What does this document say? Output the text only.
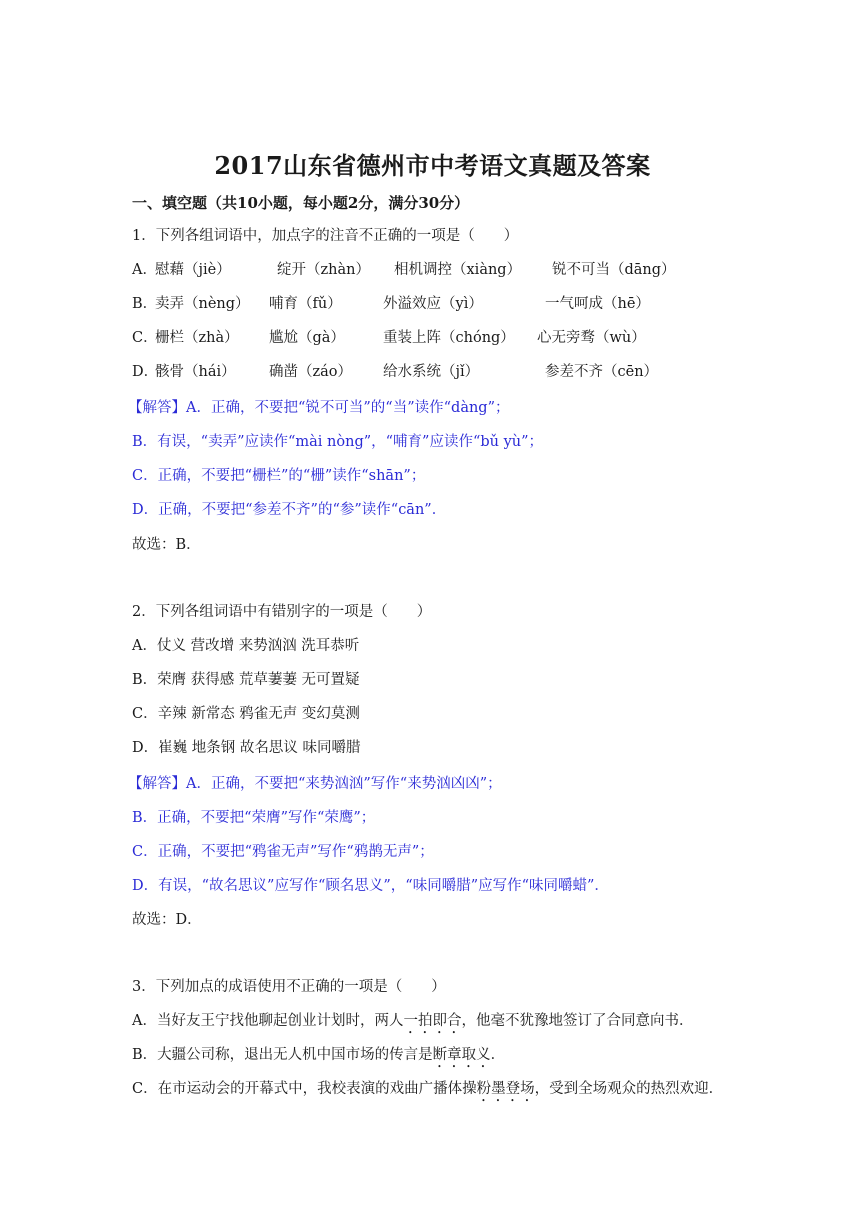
2017山东省德州市中考语文真题及答案

一、填空题（共10小题，每小题2分，满分30分）

1．下列各组词语中，加点字的注音不正确的一项是（　　）

A．
慰藉（jiè）	绽开（zhàn） 相机调控（xiàng） 锐不可当（dāng）
B．
卖弄（nèng） 哺育（fǔ）	外溢效应（yì）	一气呵成（hē）
C．
栅栏（zhà） 尴尬（gà）	重装上阵（chóng） 心无旁骛（wù）
D．
骸骨（hái） 确凿（záo） 给水系统（jǐ）	参差不齐（cēn）

【解答】A．正确，不要把“锐不可当”的“当”读作“dàng”；

B．有误，“卖弄”应读作“mài nòng”，“哺育”应读作“bǔ yù”；

C．正确，不要把“栅栏”的“栅”读作“shān”；

D．正确，不要把“参差不齐”的“参”读作“cān”．

故选：B．

2．下列各组词语中有错别字的一项是（　　）

A．仗义 营改增 来势汹汹 洗耳恭听

B．荣膺 获得感 荒草萋萋 无可置疑

C．辛辣 新常态 鸦雀无声 变幻莫测

D．崔巍 地条钢 故名思议 味同嚼腊

【解答】A．正确，不要把“来势汹汹”写作“来势汹凶凶”；

B．正确，不要把“荣膺”写作“荣鹰”；

C．正确，不要把“鸦雀无声”写作“鸦鹊无声”；

D．有误，“故名思议”应写作“顾名思义”，“味同嚼腊”应写作“味同嚼蜡”．

故选：D．

3．下列加点的成语使用不正确的一项是（　　）

A．当好友王宁找他聊起创业计划时，两人一拍即合，他毫不犹豫地签订了合同意向书．

B．大疆公司称，退出无人机中国市场的传言是断章取义．

C．在市运动会的开幕式中，我校表演的戏曲广播体操粉墨登场，受到全场观众的热烈欢迎．
